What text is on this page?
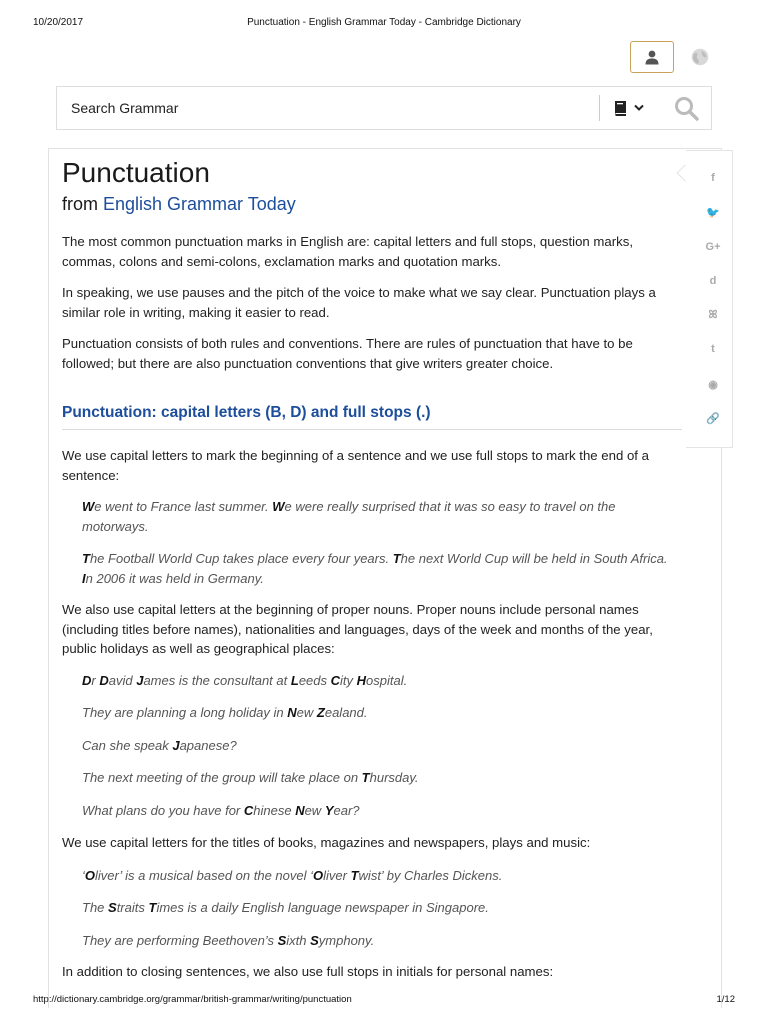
10/20/2017	Punctuation - English Grammar Today - Cambridge Dictionary
Search Grammar
f
🐦
G+
d
ꕤ
t
◉
🔗
Punctuation
from English Grammar Today

The most common punctuation marks in English are: capital letters and full stops, question marks, commas, colons and semi-colons, exclamation marks and quotation marks.

In speaking, we use pauses and the pitch of the voice to make what we say clear. Punctuation plays a similar role in writing, making it easier to read.

Punctuation consists of both rules and conventions. There are rules of punctuation that have to be followed; but there are also punctuation conventions that give writers greater choice.

Punctuation: capital letters (B, D) and full stops (.)

We use capital letters to mark the beginning of a sentence and we use full stops to mark the end of a sentence:

We went to France last summer. We were really surprised that it was so easy to travel on the motorways.
The Football World Cup takes place every four years. The next World Cup will be held in South Africa. In 2006 it was held in Germany.

We also use capital letters at the beginning of proper nouns. Proper nouns include personal names (including titles before names), nationalities and languages, days of the week and months of the year, public holidays as well as geographical places:

Dr David James is the consultant at Leeds City Hospital.
They are planning a long holiday in New Zealand.
Can she speak Japanese?
The next meeting of the group will take place on Thursday.
What plans do you have for Chinese New Year?

We use capital letters for the titles of books, magazines and newspapers, plays and music:

‘Oliver’ is a musical based on the novel ‘Oliver Twist’ by Charles Dickens.
The Straits Times is a daily English language newspaper in Singapore.
They are performing Beethoven’s Sixth Symphony.

In addition to closing sentences, we also use full stops in initials for personal names:

http://dictionary.cambridge.org/grammar/british-grammar/writing/punctuation	1/12
